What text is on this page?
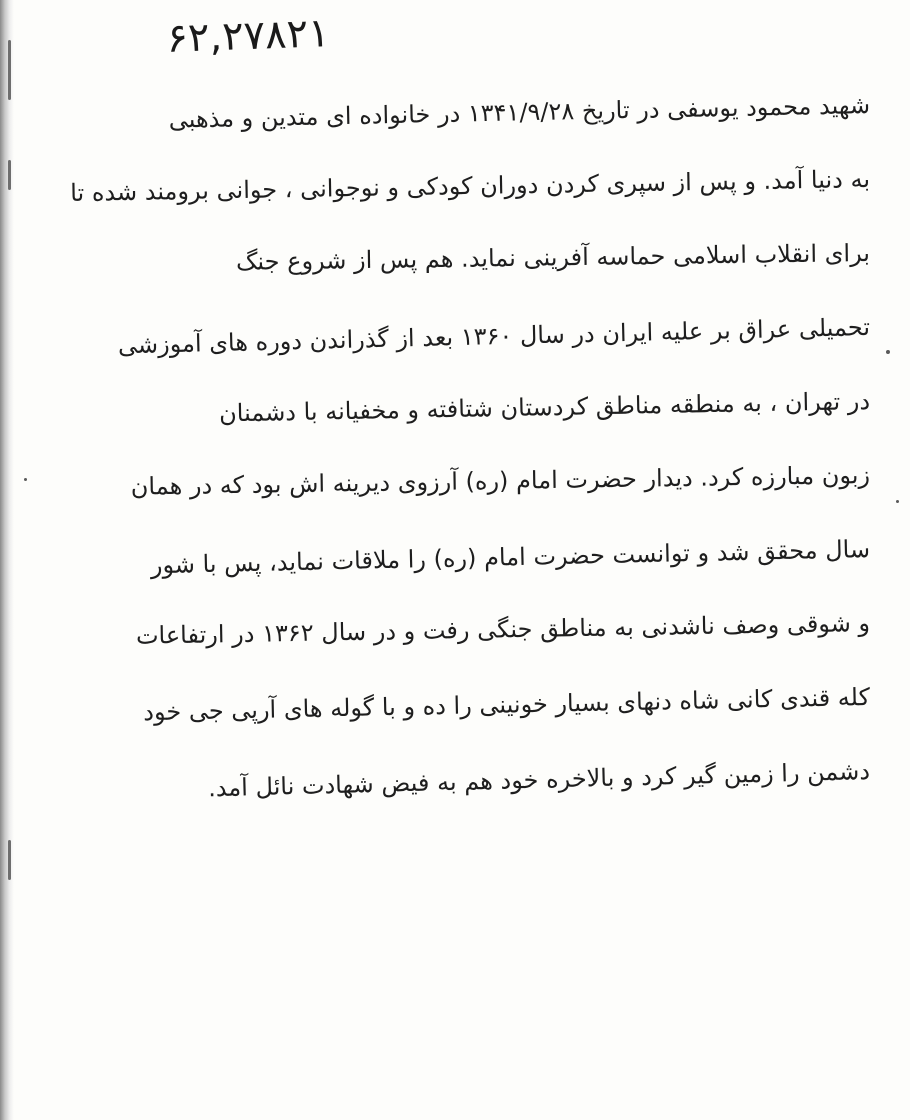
۶۲,۲۷۸۲۱
شهید محمود یوسفی در تاریخ ۱۳۴۱/۹/۲۸ در خانواده ای متدین و مذهبی
به دنیا آمد. و پس از سپری کردن دوران کودکی و نوجوانی ، جوانی برومند شده تا
برای انقلاب اسلامی حماسه آفرینی نماید. هم پس از شروع جنگ
تحمیلی عراق بر علیه ایران در سال ۱۳۶۰ بعد از گذراندن دوره های آموزشی
در تهران ، به منطقه مناطق کردستان شتافته و مخفیانه با دشمنان
زبون مبارزه کرد. دیدار حضرت امام (ره) آرزوی دیرینه اش بود که در همان
سال محقق شد و توانست حضرت امام (ره) را ملاقات نماید، پس با شور
و شوقی وصف ناشدنی به مناطق جنگی رفت و در سال ۱۳۶۲ در ارتفاعات
کله قندی کانی شاه دنهای بسیار خونینی را ده و با گوله های آرپی جی خود
دشمن را زمین گیر کرد و بالاخره خود هم به فیض شهادت نائل آمد.
